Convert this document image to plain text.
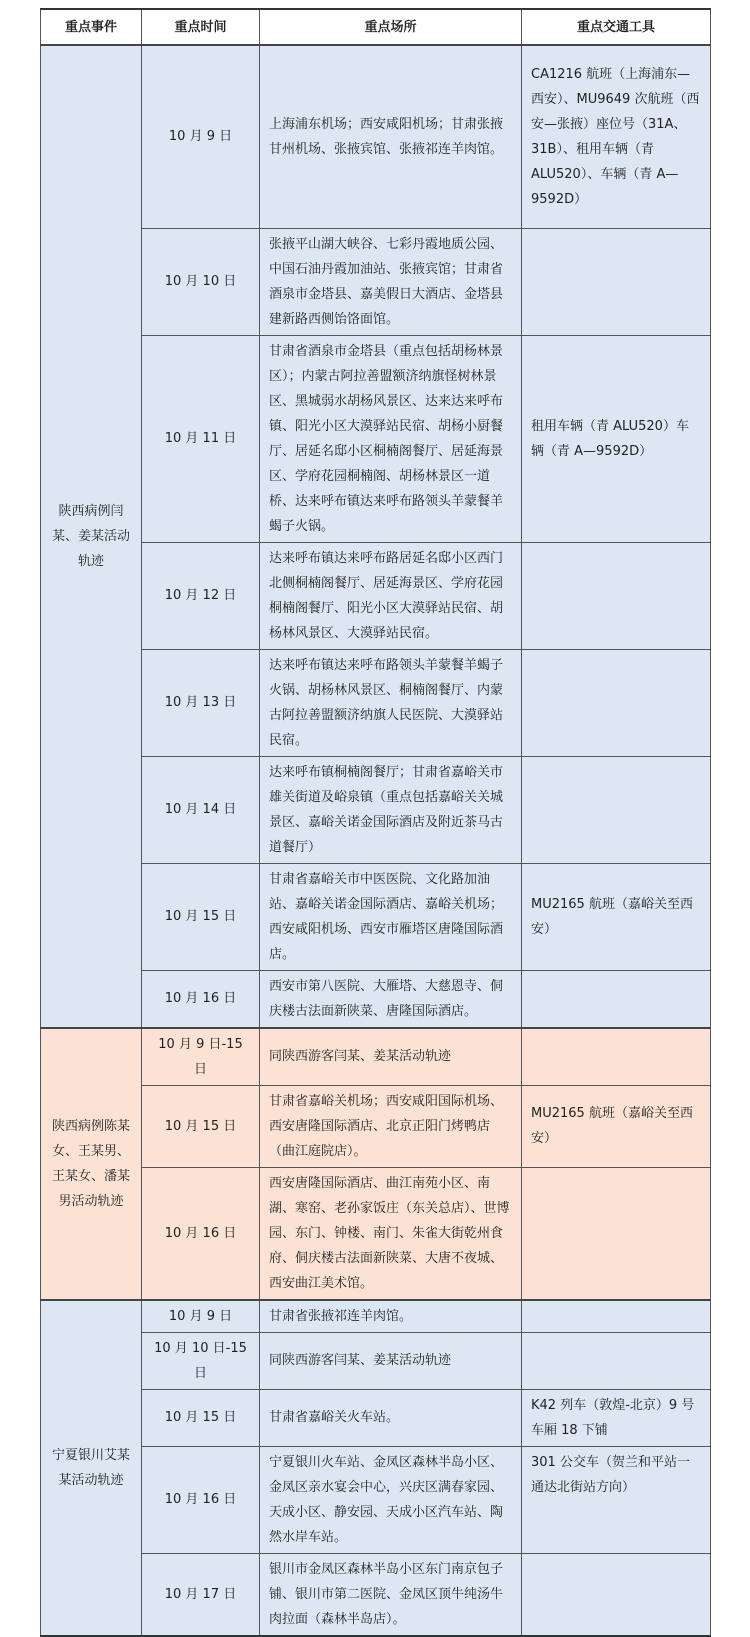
重点事件	重点时间	重点场所	重点交通工具
陕西病例闫某、姜某活动轨迹	10 月 9 日	上海浦东机场；西安咸阳机场；甘肃张掖甘州机场、张掖宾馆、张掖祁连羊肉馆。	CA1216 航班（上海浦东—西安）、MU9649 次航班（西安—张掖）座位号（31A、31B）、租用车辆（青ALU520）、车辆（青 A—9592D）
	10 月 10 日	张掖平山湖大峡谷、七彩丹霞地质公园、中国石油丹霞加油站、张掖宾馆；甘肃省酒泉市金塔县、嘉美假日大酒店、金塔县建新路西侧饴饹面馆。	
	10 月 11 日	甘肃省酒泉市金塔县（重点包括胡杨林景区）；内蒙古阿拉善盟额济纳旗怪树林景区、黑城弱水胡杨风景区、达来达来呼布镇、阳光小区大漠驿站民宿、胡杨小厨餐厅、居延名邸小区桐楠阁餐厅、居延海景区、学府花园桐楠阁、胡杨林景区一道桥、达来呼布镇达来呼布路领头羊蒙餐羊蝎子火锅。	租用车辆（青 ALU520）车辆（青 A—9592D）
	10 月 12 日	达来呼布镇达来呼布路居延名邸小区西门北侧桐楠阁餐厅、居延海景区、学府花园桐楠阁餐厅、阳光小区大漠驿站民宿、胡杨林风景区、大漠驿站民宿。	
	10 月 13 日	达来呼布镇达来呼布路领头羊蒙餐羊蝎子火锅、胡杨林风景区、桐楠阁餐厅、内蒙古阿拉善盟额济纳旗人民医院、大漠驿站民宿。	
	10 月 14 日	达来呼布镇桐楠阁餐厅；甘肃省嘉峪关市雄关街道及峪泉镇（重点包括嘉峪关关城景区、嘉峪关诺金国际酒店及附近茶马古道餐厅）	
	10 月 15 日	甘肃省嘉峪关市中医医院、文化路加油站、嘉峪关诺金国际酒店、嘉峪关机场；西安咸阳机场、西安市雁塔区唐隆国际酒店。	MU2165 航班（嘉峪关至西安）
	10 月 16 日	西安市第八医院、大雁塔、大慈恩寺、侗庆楼古法面新陕菜、唐隆国际酒店。	
陕西病例陈某女、王某男、王某女、潘某男活动轨迹	10 月 9 日-15 日	同陕西游客闫某、姜某活动轨迹	
	10 月 15 日	甘肃省嘉峪关机场；西安咸阳国际机场、西安唐隆国际酒店、北京正阳门烤鸭店（曲江庭院店）。	MU2165 航班（嘉峪关至西安）
	10 月 16 日	西安唐隆国际酒店、曲江南苑小区、南湖、寒窑、老孙家饭庄（东关总店）、世博园、东门、钟楼、南门、朱雀大街乾州食府、侗庆楼古法面新陕菜、大唐不夜城、西安曲江美术馆。	
宁夏银川艾某某活动轨迹	10 月 9 日	甘肃省张掖祁连羊肉馆。	
	10 月 10 日-15 日	同陕西游客闫某、姜某活动轨迹	
	10 月 15 日	甘肃省嘉峪关火车站。	K42 列车（敦煌-北京）9 号车厢 18 下铺
	10 月 16 日	宁夏银川火车站、金凤区森林半岛小区、金凤区亲水宴会中心，兴庆区满春家园、天成小区、静安园、天成小区汽车站、陶然水岸车站。	301 公交车（贺兰和平站一通达北街站方向）
	10 月 17 日	银川市金凤区森林半岛小区东门南京包子铺、银川市第二医院、金凤区顶牛纯汤牛肉拉面（森林半岛店）。	
